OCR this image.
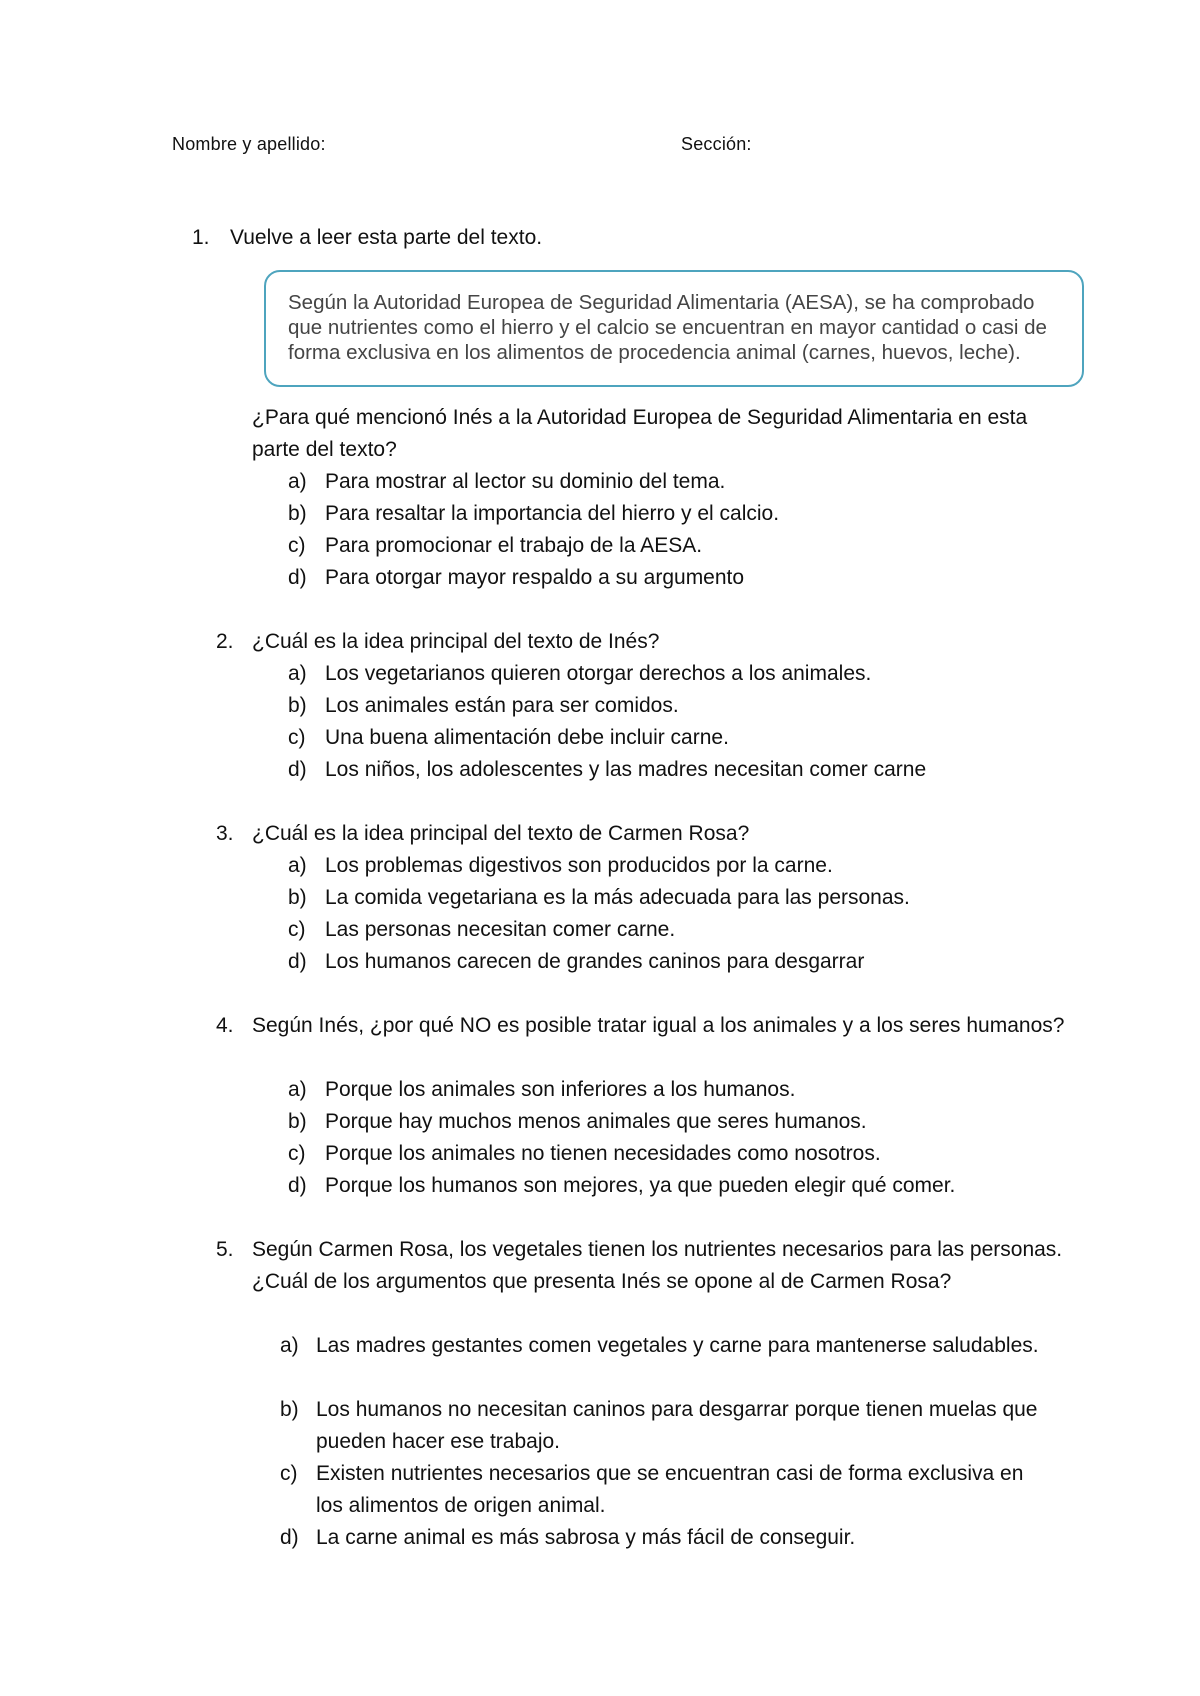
Nombre y apellido:	Sección:
1. Vuelve a leer esta parte del texto.
Según la Autoridad Europea de Seguridad Alimentaria (AESA), se ha comprobado que nutrientes como el hierro y el calcio se encuentran en mayor cantidad o casi de forma exclusiva en los alimentos de procedencia animal (carnes, huevos, leche).
¿Para qué mencionó Inés a la Autoridad Europea de Seguridad Alimentaria en esta parte del texto?
a) Para mostrar al lector su dominio del tema.
b) Para resaltar la importancia del hierro y el calcio.
c) Para promocionar el trabajo de la AESA.
d) Para otorgar mayor respaldo a su argumento
2. ¿Cuál es la idea principal del texto de Inés?
a) Los vegetarianos quieren otorgar derechos a los animales.
b) Los animales están para ser comidos.
c) Una buena alimentación debe incluir carne.
d) Los niños, los adolescentes y las madres necesitan comer carne
3. ¿Cuál es la idea principal del texto de Carmen Rosa?
a) Los problemas digestivos son producidos por la carne.
b) La comida vegetariana es la más adecuada para las personas.
c) Las personas necesitan comer carne.
d) Los humanos carecen de grandes caninos para desgarrar
4. Según Inés, ¿por qué NO es posible tratar igual a los animales y a los seres humanos?
a) Porque los animales son inferiores a los humanos.
b) Porque hay muchos menos animales que seres humanos.
c) Porque los animales no tienen necesidades como nosotros.
d) Porque los humanos son mejores, ya que pueden elegir qué comer.
5. Según Carmen Rosa, los vegetales tienen los nutrientes necesarios para las personas. ¿Cuál de los argumentos que presenta Inés se opone al de Carmen Rosa?
a) Las madres gestantes comen vegetales y carne para mantenerse saludables.
b) Los humanos no necesitan caninos para desgarrar porque tienen muelas que pueden hacer ese trabajo.
c) Existen nutrientes necesarios que se encuentran casi de forma exclusiva en los alimentos de origen animal.
d) La carne animal es más sabrosa y más fácil de conseguir.
